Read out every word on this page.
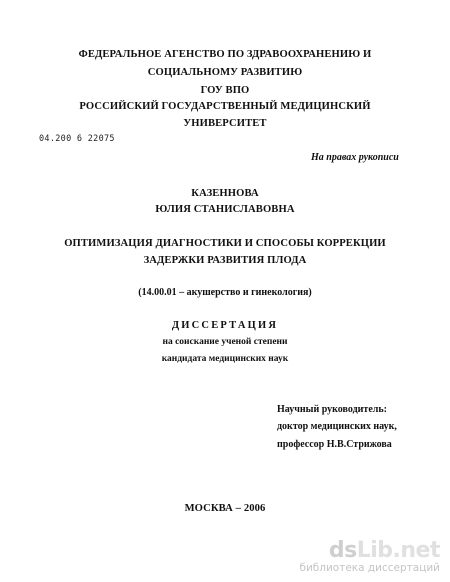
ФЕДЕРАЛЬНОЕ АГЕНСТВО ПО ЗДРАВООХРАНЕНИЮ И
СОЦИАЛЬНОМУ РАЗВИТИЮ
ГОУ ВПО
РОССИЙСКИЙ ГОСУДАРСТВЕННЫЙ МЕДИЦИНСКИЙ
УНИВЕРСИТЕТ
04.200 6 22075
На правах рукописи
КАЗЕННОВА
ЮЛИЯ СТАНИСЛАВОВНА
ОПТИМИЗАЦИЯ ДИАГНОСТИКИ И СПОСОБЫ КОРРЕКЦИИ
ЗАДЕРЖКИ РАЗВИТИЯ ПЛОДА
(14.00.01 – акушерство и гинекология)
ДИССЕРТАЦИЯ
на соискание ученой степени
кандидата медицинских наук
Научный руководитель:
доктор медицинских наук,
профессор Н.В.Стрижова
МОСКВА – 2006
dsLib.net
библиотека диссертаций
